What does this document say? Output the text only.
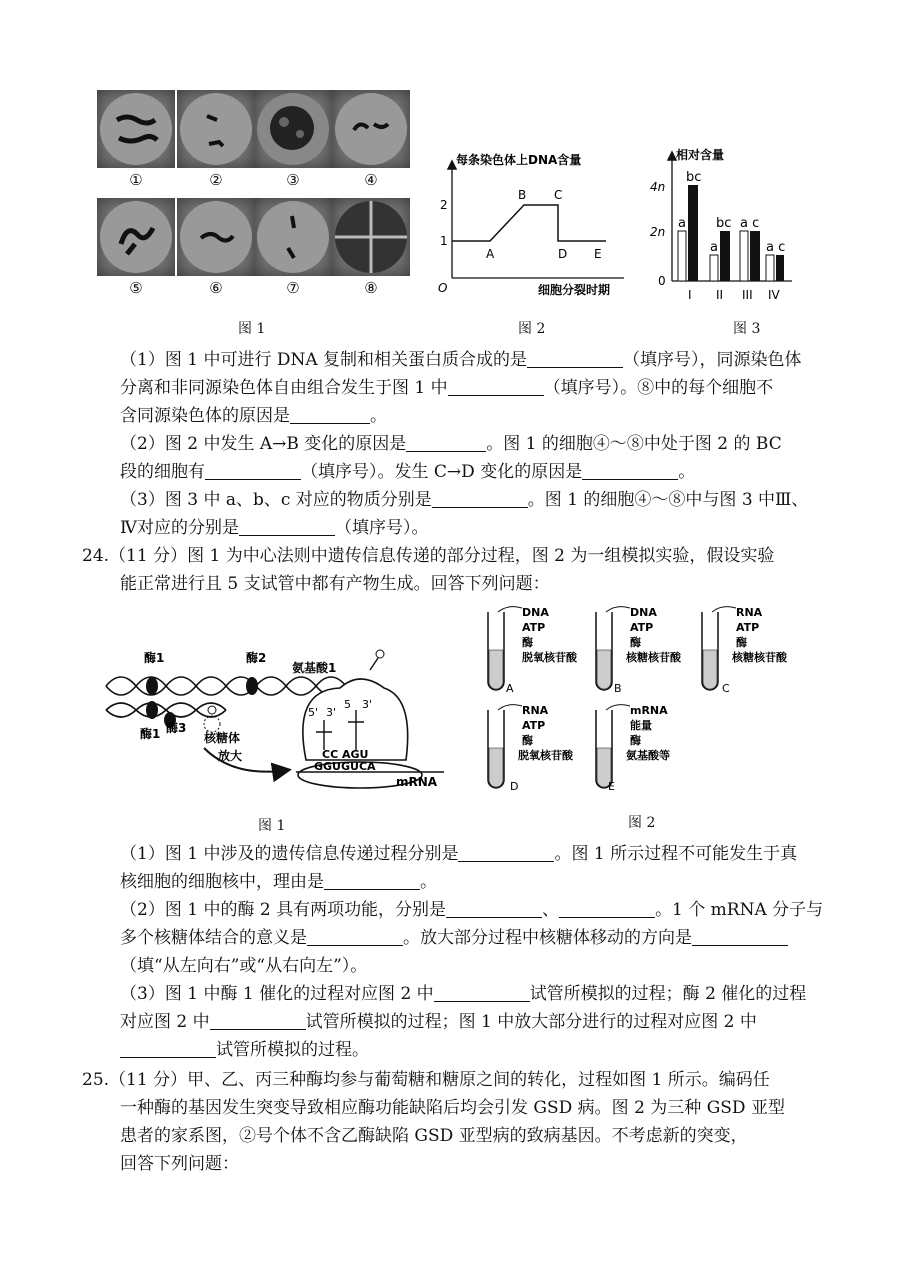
①	②	③	④
⑤	⑥	⑦	⑧
图 1
每条染色体上DNA含量
细胞分裂时期
O
1
2
A
B C
D E
图 2
相对含量
4n
2n
0
a
bc
a
bc a c
a c
I II III IV
图 3

（1）图 1 中可进行 DNA 复制和相关蛋白质合成的是	（填序号），同源染色体

分离和非同源染色体自由组合发生于图 1 中	（填序号）。⑧中的每个细胞不

含同源染色体的原因是	。

（2）图 2 中发生 A→B 变化的原因是	。图 1 的细胞④～⑧中处于图 2 的 BC

段的细胞有	（填序号）。发生 C→D 变化的原因是	。

（3）图 3 中 a、b、c 对应的物质分别是	。图 1 的细胞④～⑧中与图 3 中Ⅲ、

Ⅳ对应的分别是	（填序号）。

24.（11 分）图 1 为中心法则中遗传信息传递的部分过程，图 2 为一组模拟实验，假设实验

能正常进行且 5 支试管中都有产物生成。回答下列问题：

酶1	酶2
酶1 酶3
核糖体
放大
氨基酸1
5' 3'
5 3'
CC AGU
GGUGUCA
mRNA
图 1
DNA
ATP
酶
脱氧核苷酸
A
DNA
ATP
酶
核糖核苷酸
B
RNA
ATP
酶
核糖核苷酸
C
RNA
ATP
酶
脱氧核苷酸
D
mRNA
能量
酶
氨基酸等
E
图 2

（1）图 1 中涉及的遗传信息传递过程分别是	。图 1 所示过程不可能发生于真

核细胞的细胞核中，理由是	。

（2）图 1 中的酶 2 具有两项功能，分别是	、	。1 个 mRNA 分子与

多个核糖体结合的意义是	。放大部分过程中核糖体移动的方向是

（填“从左向右”或“从右向左”）。

（3）图 1 中酶 1 催化的过程对应图 2 中	试管所模拟的过程；酶 2 催化的过程

对应图 2 中	试管所模拟的过程；图 1 中放大部分进行的过程对应图 2 中

试管所模拟的过程。

25.（11 分）甲、乙、丙三种酶均参与葡萄糖和糖原之间的转化，过程如图 1 所示。编码任

一种酶的基因发生突变导致相应酶功能缺陷后均会引发 GSD 病。图 2 为三种 GSD 亚型

患者的家系图，②号个体不含乙酶缺陷 GSD 亚型病的致病基因。不考虑新的突变，

回答下列问题：
